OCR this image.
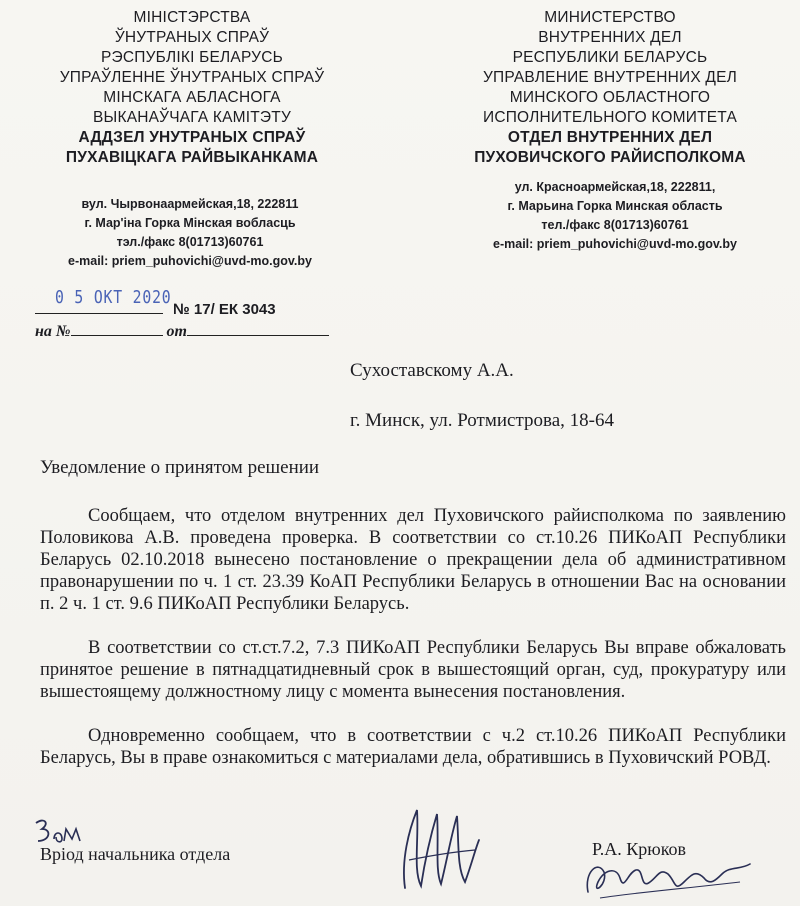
МІНІСТЭРСТВА
ЎНУТРАНЫХ СПРАЎ
РЭСПУБЛІКІ БЕЛАРУСЬ
УПРАЎЛЕННЕ ЎНУТРАНЫХ СПРАЎ
МІНСКАГА АБЛАСНОГА
ВЫКАНАЎЧАГА КАМІТЭТУ
АДДЗЕЛ УНУТРАНЫХ СПРАЎ
ПУХАВІЦКАГА РАЙВЫКАНКАМА
вул. Чырвонаармейская,18, 222811
г. Мар'іна Горка Мінская вобласць
тэл./факс 8(01713)60761
e-mail: priem_puhovichi@uvd-mo.gov.by
МИНИСТЕРСТВО
ВНУТРЕННИХ ДЕЛ
РЕСПУБЛИКИ БЕЛАРУСЬ
УПРАВЛЕНИЕ ВНУТРЕННИХ ДЕЛ
МИНСКОГО ОБЛАСТНОГО
ИСПОЛНИТЕЛЬНОГО КОМИТЕТА
ОТДЕЛ ВНУТРЕННИХ ДЕЛ
ПУХОВИЧСКОГО РАЙИСПОЛКОМА
ул. Красноармейская,18, 222811,
г. Марьина Горка Минская область
тел./факс 8(01713)60761
e-mail: priem_puhovichi@uvd-mo.gov.by
0 5 ОКТ 2020
№ 17/ ЕК 3043
на №	от
Сухоставскому А.А.
г. Минск, ул. Ротмистрова, 18-64
Уведомление о принятом решении

Сообщаем, что отделом внутренних дел Пуховичского райисполкома по заявлению Половикова А.В. проведена проверка. В соответствии со ст.10.26 ПИКоАП Республики Беларусь 02.10.2018 вынесено постановление о прекращении дела об административном правонарушении по ч. 1 ст. 23.39 КоАП Республики Беларусь в отношении Вас на основании п. 2 ч. 1 ст. 9.6 ПИКоАП Республики Беларусь.

В соответствии со ст.ст.7.2, 7.3 ПИКоАП Республики Беларусь Вы вправе обжаловать принятое решение в пятнадцатидневный срок в вышестоящий орган, суд, прокуратуру или вышестоящему должностному лицу с момента вынесения постановления.

Одновременно сообщаем, что в соответствии с ч.2 ст.10.26 ПИКоАП Республики Беларусь, Вы в праве ознакомиться с материалами дела, обратившись в Пуховичский РОВД.

Врiод начальника отдела	Р.А. Крюков
